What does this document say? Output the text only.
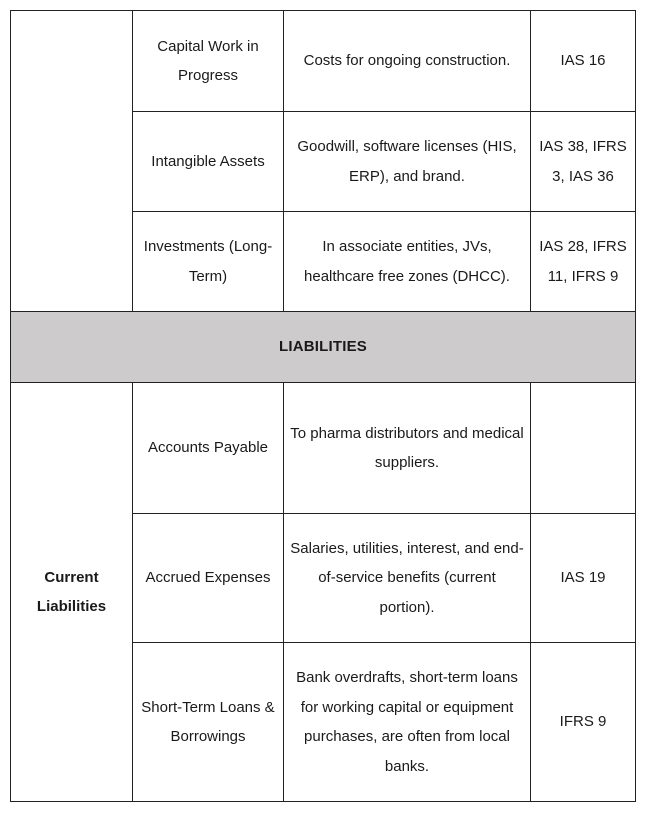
	Capital Work in Progress	Costs for ongoing construction.	IAS 16
	Intangible Assets	Goodwill, software licenses (HIS, ERP), and brand.	IAS 38, IFRS 3, IAS 36
	Investments (Long-Term)	In associate entities, JVs, healthcare free zones (DHCC).	IAS 28, IFRS 11, IFRS 9
LIABILITIES			
Current Liabilities	Accounts Payable	To pharma distributors and medical suppliers.	
	Accrued Expenses	Salaries, utilities, interest, and end-of-service benefits (current portion).	IAS 19
	Short-Term Loans & Borrowings	Bank overdrafts, short-term loans for working capital or equipment purchases, are often from local banks.	IFRS 9
